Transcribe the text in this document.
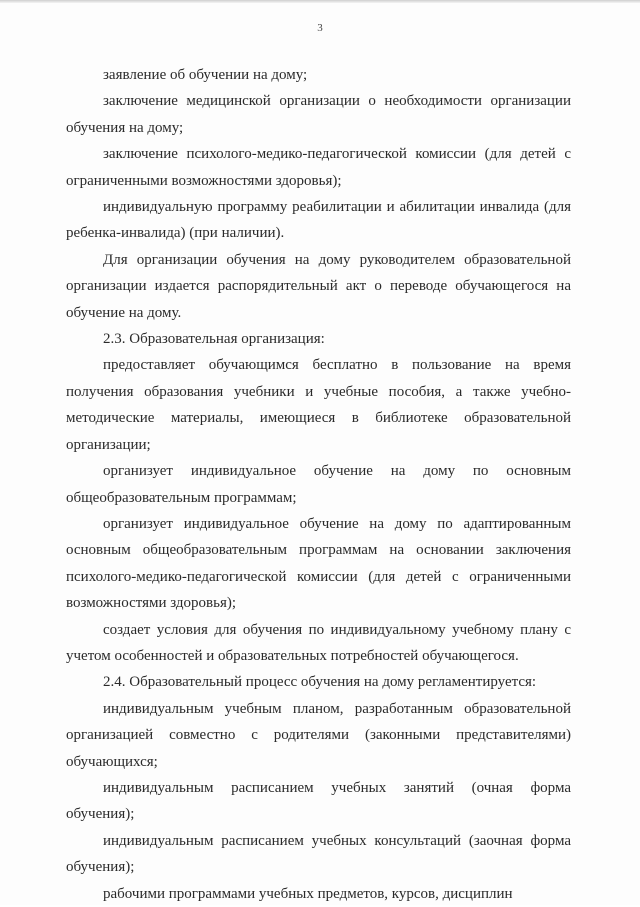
3

заявление об обучении на дому;

заключение медицинской организации о необходимости организации обучения на дому;

заключение психолого-медико-педагогической комиссии (для детей с ограниченными возможностями здоровья);

индивидуальную программу реабилитации и абилитации инвалида (для ребенка-инвалида) (при наличии).

Для организации обучения на дому руководителем образовательной организации издается распорядительный акт о переводе обучающегося на обучение на дому.

2.3. Образовательная организация:

предоставляет обучающимся бесплатно в пользование на время получения образования учебники и учебные пособия, а также учебно-методические материалы, имеющиеся в библиотеке образовательной организации;

организует индивидуальное обучение на дому по основным общеобразовательным программам;

организует индивидуальное обучение на дому по адаптированным основным общеобразовательным программам на основании заключения психолого-медико-педагогической комиссии (для детей с ограниченными возможностями здоровья);

создает условия для обучения по индивидуальному учебному плану с учетом особенностей и образовательных потребностей обучающегося.

2.4. Образовательный процесс обучения на дому регламентируется:

индивидуальным учебным планом, разработанным образовательной организацией совместно с родителями (законными представителями) обучающихся;

индивидуальным расписанием учебных занятий (очная форма обучения);

индивидуальным расписанием учебных консультаций (заочная форма обучения);

рабочими программами учебных предметов, курсов, дисциплин
